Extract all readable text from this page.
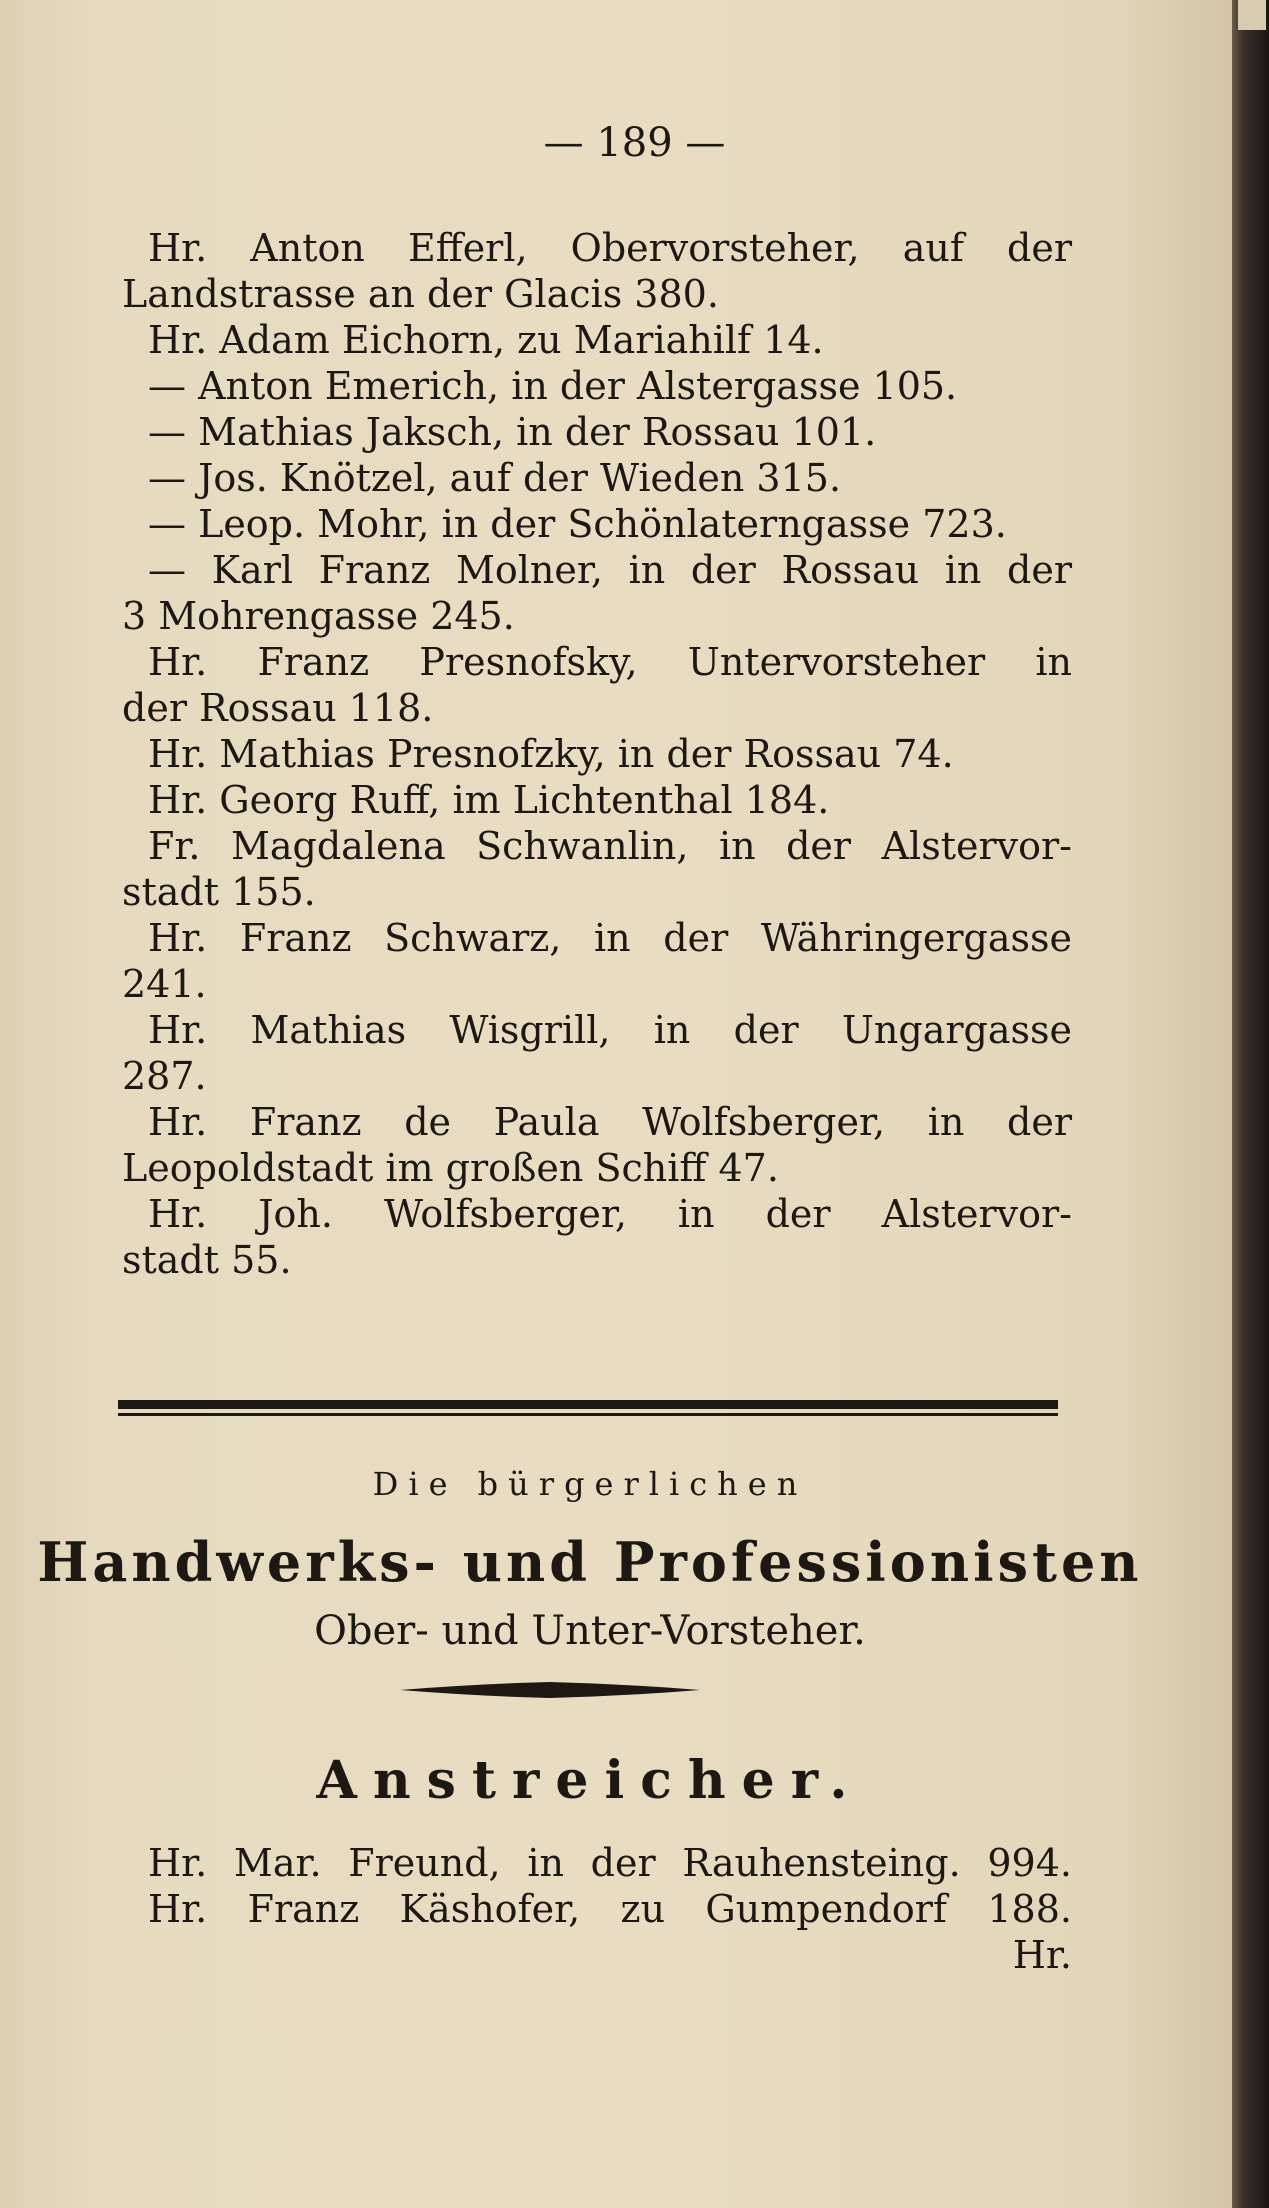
— 189 —
Hr. Anton Efferl, Obervorsteher, auf der
Landstrasse an der Glacis 380.
Hr. Adam Eichorn, zu Mariahilf 14.
— Anton Emerich, in der Alstergasse 105.
— Mathias Jaksch, in der Rossau 101.
— Jos. Knötzel, auf der Wieden 315.
— Leop. Mohr, in der Schönlaterngasse 723.
— Karl Franz Molner, in der Rossau in der
3 Mohrengasse 245.
Hr. Franz Presnofsky, Untervorsteher in
der Rossau 118.
Hr. Mathias Presnofzky, in der Rossau 74.
Hr. Georg Ruff, im Lichtenthal 184.
Fr. Magdalena Schwanlin, in der Alstervor-
stadt 155.
Hr. Franz Schwarz, in der Währingergasse
241.
Hr. Mathias Wisgrill, in der Ungargasse
287.
Hr. Franz de Paula Wolfsberger, in der
Leopoldstadt im großen Schiff 47.
Hr. Joh. Wolfsberger, in der Alstervor-
stadt 55.
Die bürgerlichen
Handwerks- und Professionisten
Ober- und Unter-Vorsteher.
Anstreicher.
Hr. Mar. Freund, in der Rauhensteing. 994.
Hr. Franz Käshofer, zu Gumpendorf 188.
Hr.
